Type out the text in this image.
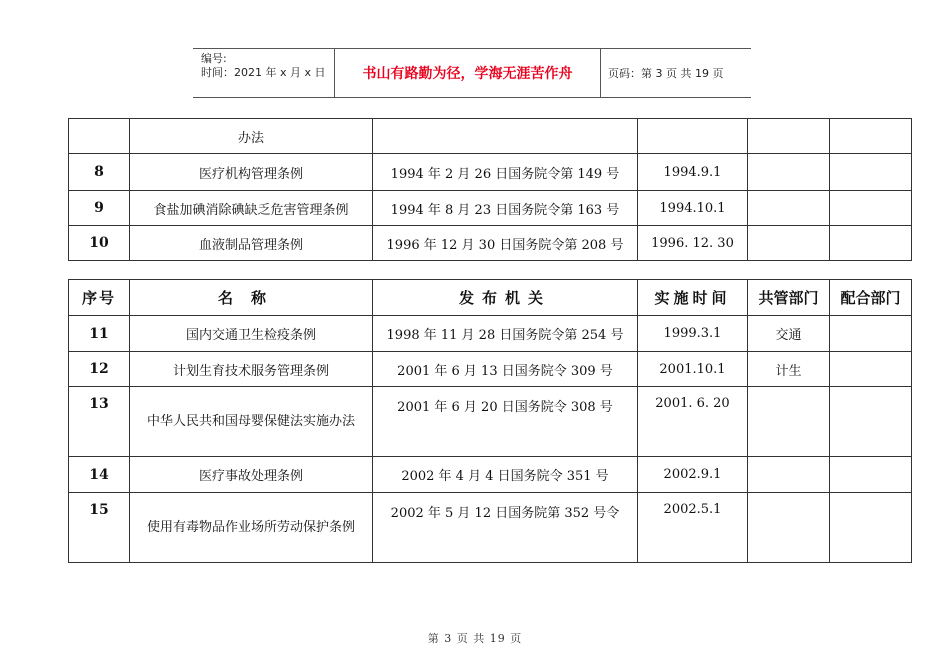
编号:
时间：2021 年 x 月 x 日	书山有路勤为径，学海无涯苦作舟	页码：第 3 页 共 19 页
	办法				
8	医疗机构管理条例	1994 年 2 月 26 日国务院令第 149 号	1994.9.1		
9	食盐加碘消除碘缺乏危害管理条例	1994 年 8 月 23 日国务院令第 163 号	1994.10.1		
10	血液制品管理条例	1996 年 12 月 30 日国务院令第 208 号	1996. 12. 30		
序号	名称	发布机关	实施时间	共管部门	配合部门
11	国内交通卫生检疫条例	1998 年 11 月 28 日国务院令第 254 号	1999.3.1	交通	
12	计划生育技术服务管理条例	2001 年 6 月 13 日国务院令 309 号	2001.10.1	计生	
13	中华人民共和国母婴保健法实施办法	2001 年 6 月 20 日国务院令 308 号	2001. 6. 20		
14	医疗事故处理条例	2002 年 4 月 4 日国务院令 351 号	2002.9.1		
15	使用有毒物品作业场所劳动保护条例	2002 年 5 月 12 日国务院第 352 号令	2002.5.1		
第 3 页 共 19 页
